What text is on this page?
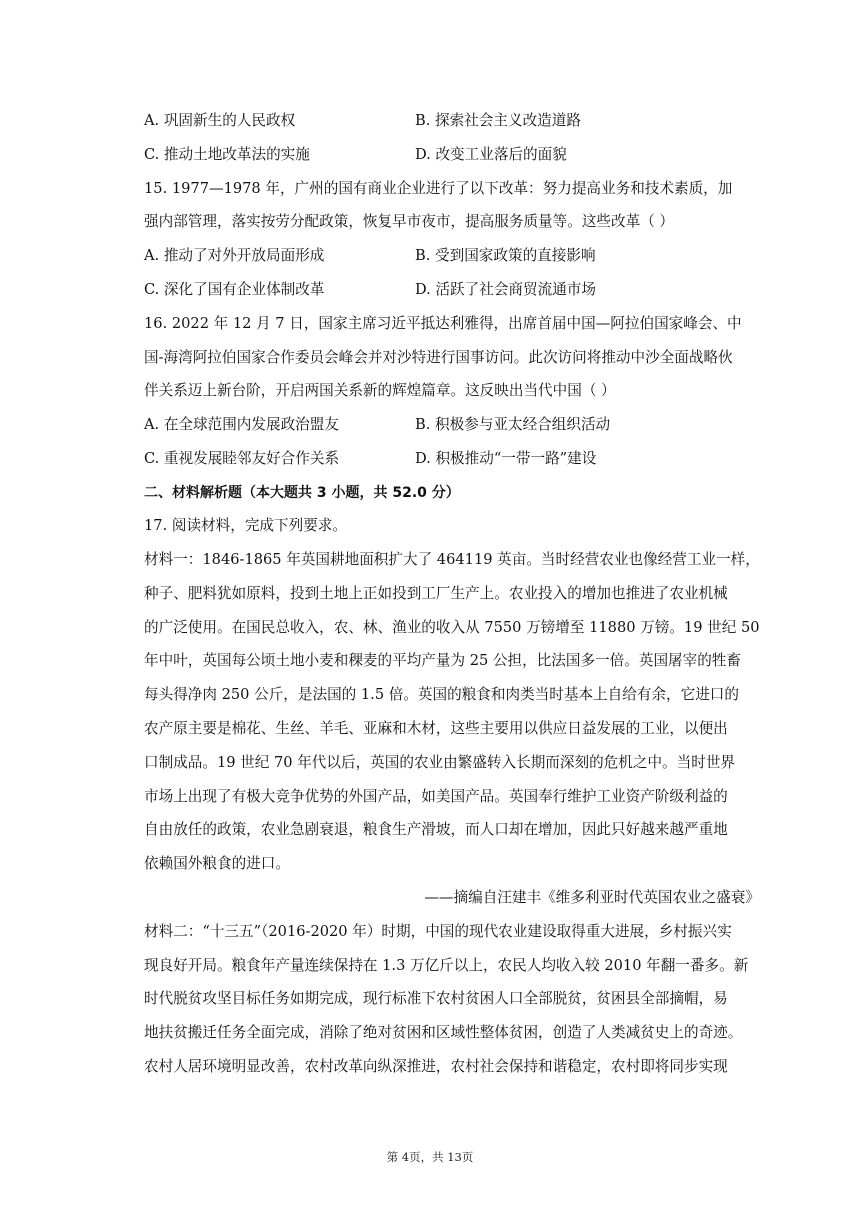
A. 巩固新生的人民政权	B. 探索社会主义改造道路
C. 推动土地改革法的实施	D. 改变工业落后的面貌
15. 1977—1978 年，广州的国有商业企业进行了以下改革：努力提高业务和技术素质，加
强内部管理，落实按劳分配政策，恢复早市夜市，提高服务质量等。这些改革（ ）
A. 推动了对外开放局面形成	B. 受到国家政策的直接影响
C. 深化了国有企业体制改革	D. 活跃了社会商贸流通市场
16. 2022 年 12 月 7 日，国家主席习近平抵达利雅得，出席首届中国—阿拉伯国家峰会、中
国-海湾阿拉伯国家合作委员会峰会并对沙特进行国事访问。此次访问将推动中沙全面战略伙
伴关系迈上新台阶，开启两国关系新的辉煌篇章。这反映出当代中国（ ）
A. 在全球范围内发展政治盟友	B. 积极参与亚太经合组织活动
C. 重视发展睦邻友好合作关系	D. 积极推动“一带一路”建设
二、材料解析题（本大题共 3 小题，共 52.0 分）
17. 阅读材料，完成下列要求。
材料一：1846-1865 年英国耕地面积扩大了 464119 英亩。当时经营农业也像经营工业一样，
种子、肥料犹如原料，投到土地上正如投到工厂生产上。农业投入的增加也推进了农业机械
的广泛使用。在国民总收入，农、林、渔业的收入从 7550 万镑增至 11880 万镑。19 世纪 50
年中叶，英国每公顷土地小麦和稞麦的平均产量为 25 公担，比法国多一倍。英国屠宰的牲畜
每头得净肉 250 公斤，是法国的 1.5 倍。英国的粮食和肉类当时基本上自给有余，它进口的
农产原主要是棉花、生丝、羊毛、亚麻和木材，这些主要用以供应日益发展的工业，以便出
口制成品。19 世纪 70 年代以后，英国的农业由繁盛转入长期而深刻的危机之中。当时世界
市场上出现了有极大竞争优势的外国产品，如美国产品。英国奉行维护工业资产阶级利益的
自由放任的政策，农业急剧衰退，粮食生产滑坡，而人口却在增加，因此只好越来越严重地
依赖国外粮食的进口。
——摘编自汪建丰《维多利亚时代英国农业之盛衰》
材料二：“十三五”（2016-2020 年）时期，中国的现代农业建设取得重大进展，乡村振兴实
现良好开局。粮食年产量连续保持在 1.3 万亿斤以上，农民人均收入较 2010 年翻一番多。新
时代脱贫攻坚目标任务如期完成，现行标准下农村贫困人口全部脱贫，贫困县全部摘帽，易
地扶贫搬迁任务全面完成，消除了绝对贫困和区域性整体贫困，创造了人类减贫史上的奇迹。
农村人居环境明显改善，农村改革向纵深推进，农村社会保持和谐稳定，农村即将同步实现
第 4页，共 13页
